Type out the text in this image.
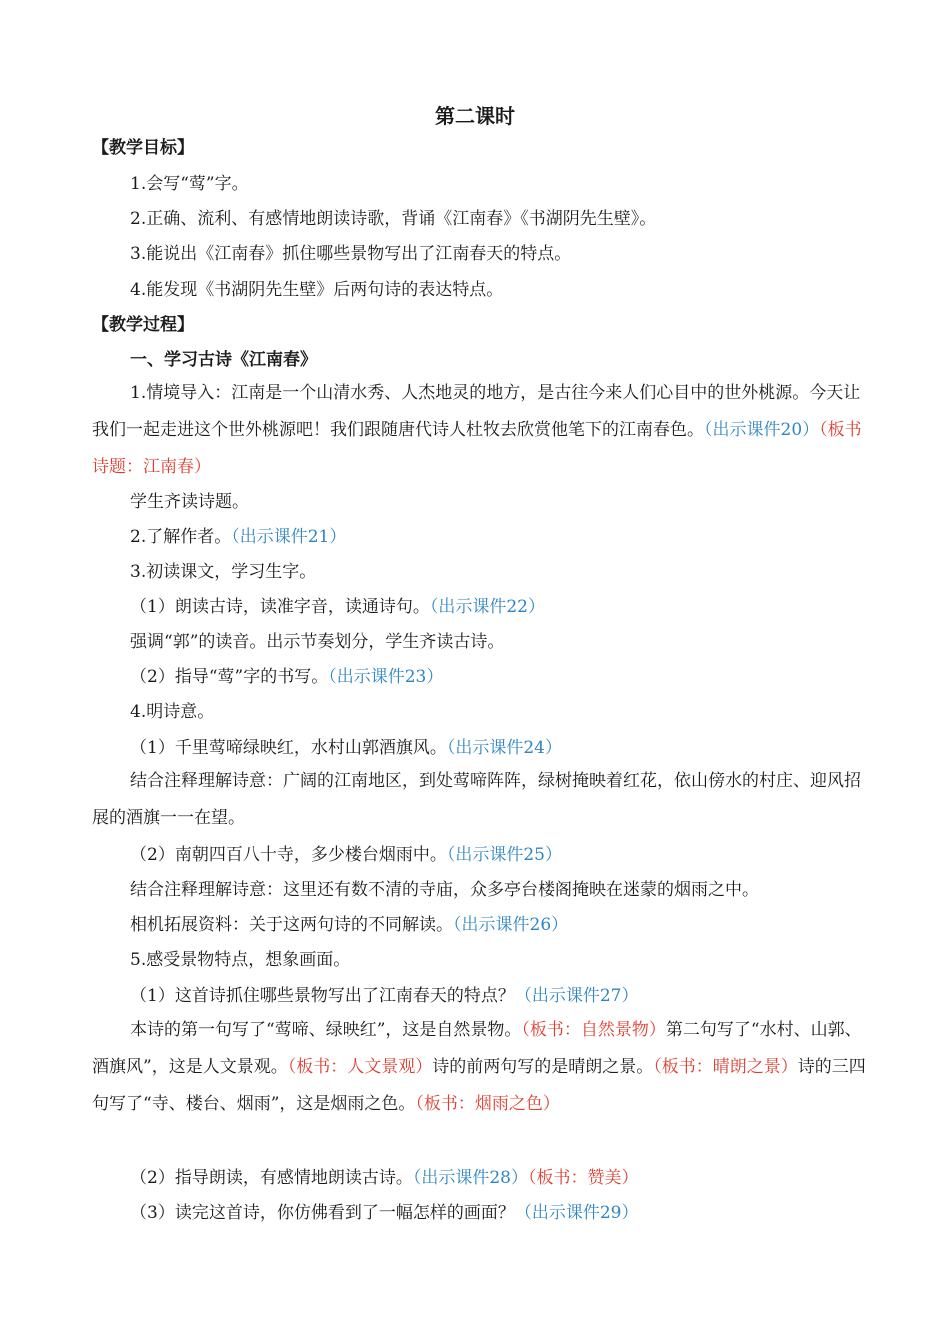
第二课时
【教学目标】
1.会写“莺”字。
2.正确、流利、有感情地朗读诗歌，背诵《江南春》《书湖阴先生壁》。
3.能说出《江南春》抓住哪些景物写出了江南春天的特点。
4.能发现《书湖阴先生壁》后两句诗的表达特点。
【教学过程】
一、学习古诗《江南春》
1.情境导入：江南是一个山清水秀、人杰地灵的地方，是古往今来人们心目中的世外桃源。今天让我们一起走进这个世外桃源吧！我们跟随唐代诗人杜牧去欣赏他笔下的江南春色。（出示课件20）（板书诗题：江南春）
学生齐读诗题。
2.了解作者。（出示课件21）
3.初读课文，学习生字。
（1）朗读古诗，读准字音，读通诗句。（出示课件22）
强调“郭”的读音。出示节奏划分，学生齐读古诗。
（2）指导“莺”字的书写。（出示课件23）
4.明诗意。
（1）千里莺啼绿映红，水村山郭酒旗风。（出示课件24）
结合注释理解诗意：广阔的江南地区，到处莺啼阵阵，绿树掩映着红花，依山傍水的村庄、迎风招展的酒旗一一在望。
（2）南朝四百八十寺，多少楼台烟雨中。（出示课件25）
结合注释理解诗意：这里还有数不清的寺庙，众多亭台楼阁掩映在迷蒙的烟雨之中。
相机拓展资料：关于这两句诗的不同解读。（出示课件26）
5.感受景物特点，想象画面。
（1）这首诗抓住哪些景物写出了江南春天的特点？（出示课件27）
本诗的第一句写了“莺啼、绿映红”，这是自然景物。（板书：自然景物）第二句写了“水村、山郭、酒旗风”，这是人文景观。（板书：人文景观）诗的前两句写的是晴朗之景。（板书：晴朗之景）诗的三四句写了“寺、楼台、烟雨”，这是烟雨之色。（板书：烟雨之色）
（2）指导朗读，有感情地朗读古诗。（出示课件28）（板书：赞美）
（3）读完这首诗，你仿佛看到了一幅怎样的画面？（出示课件29）
